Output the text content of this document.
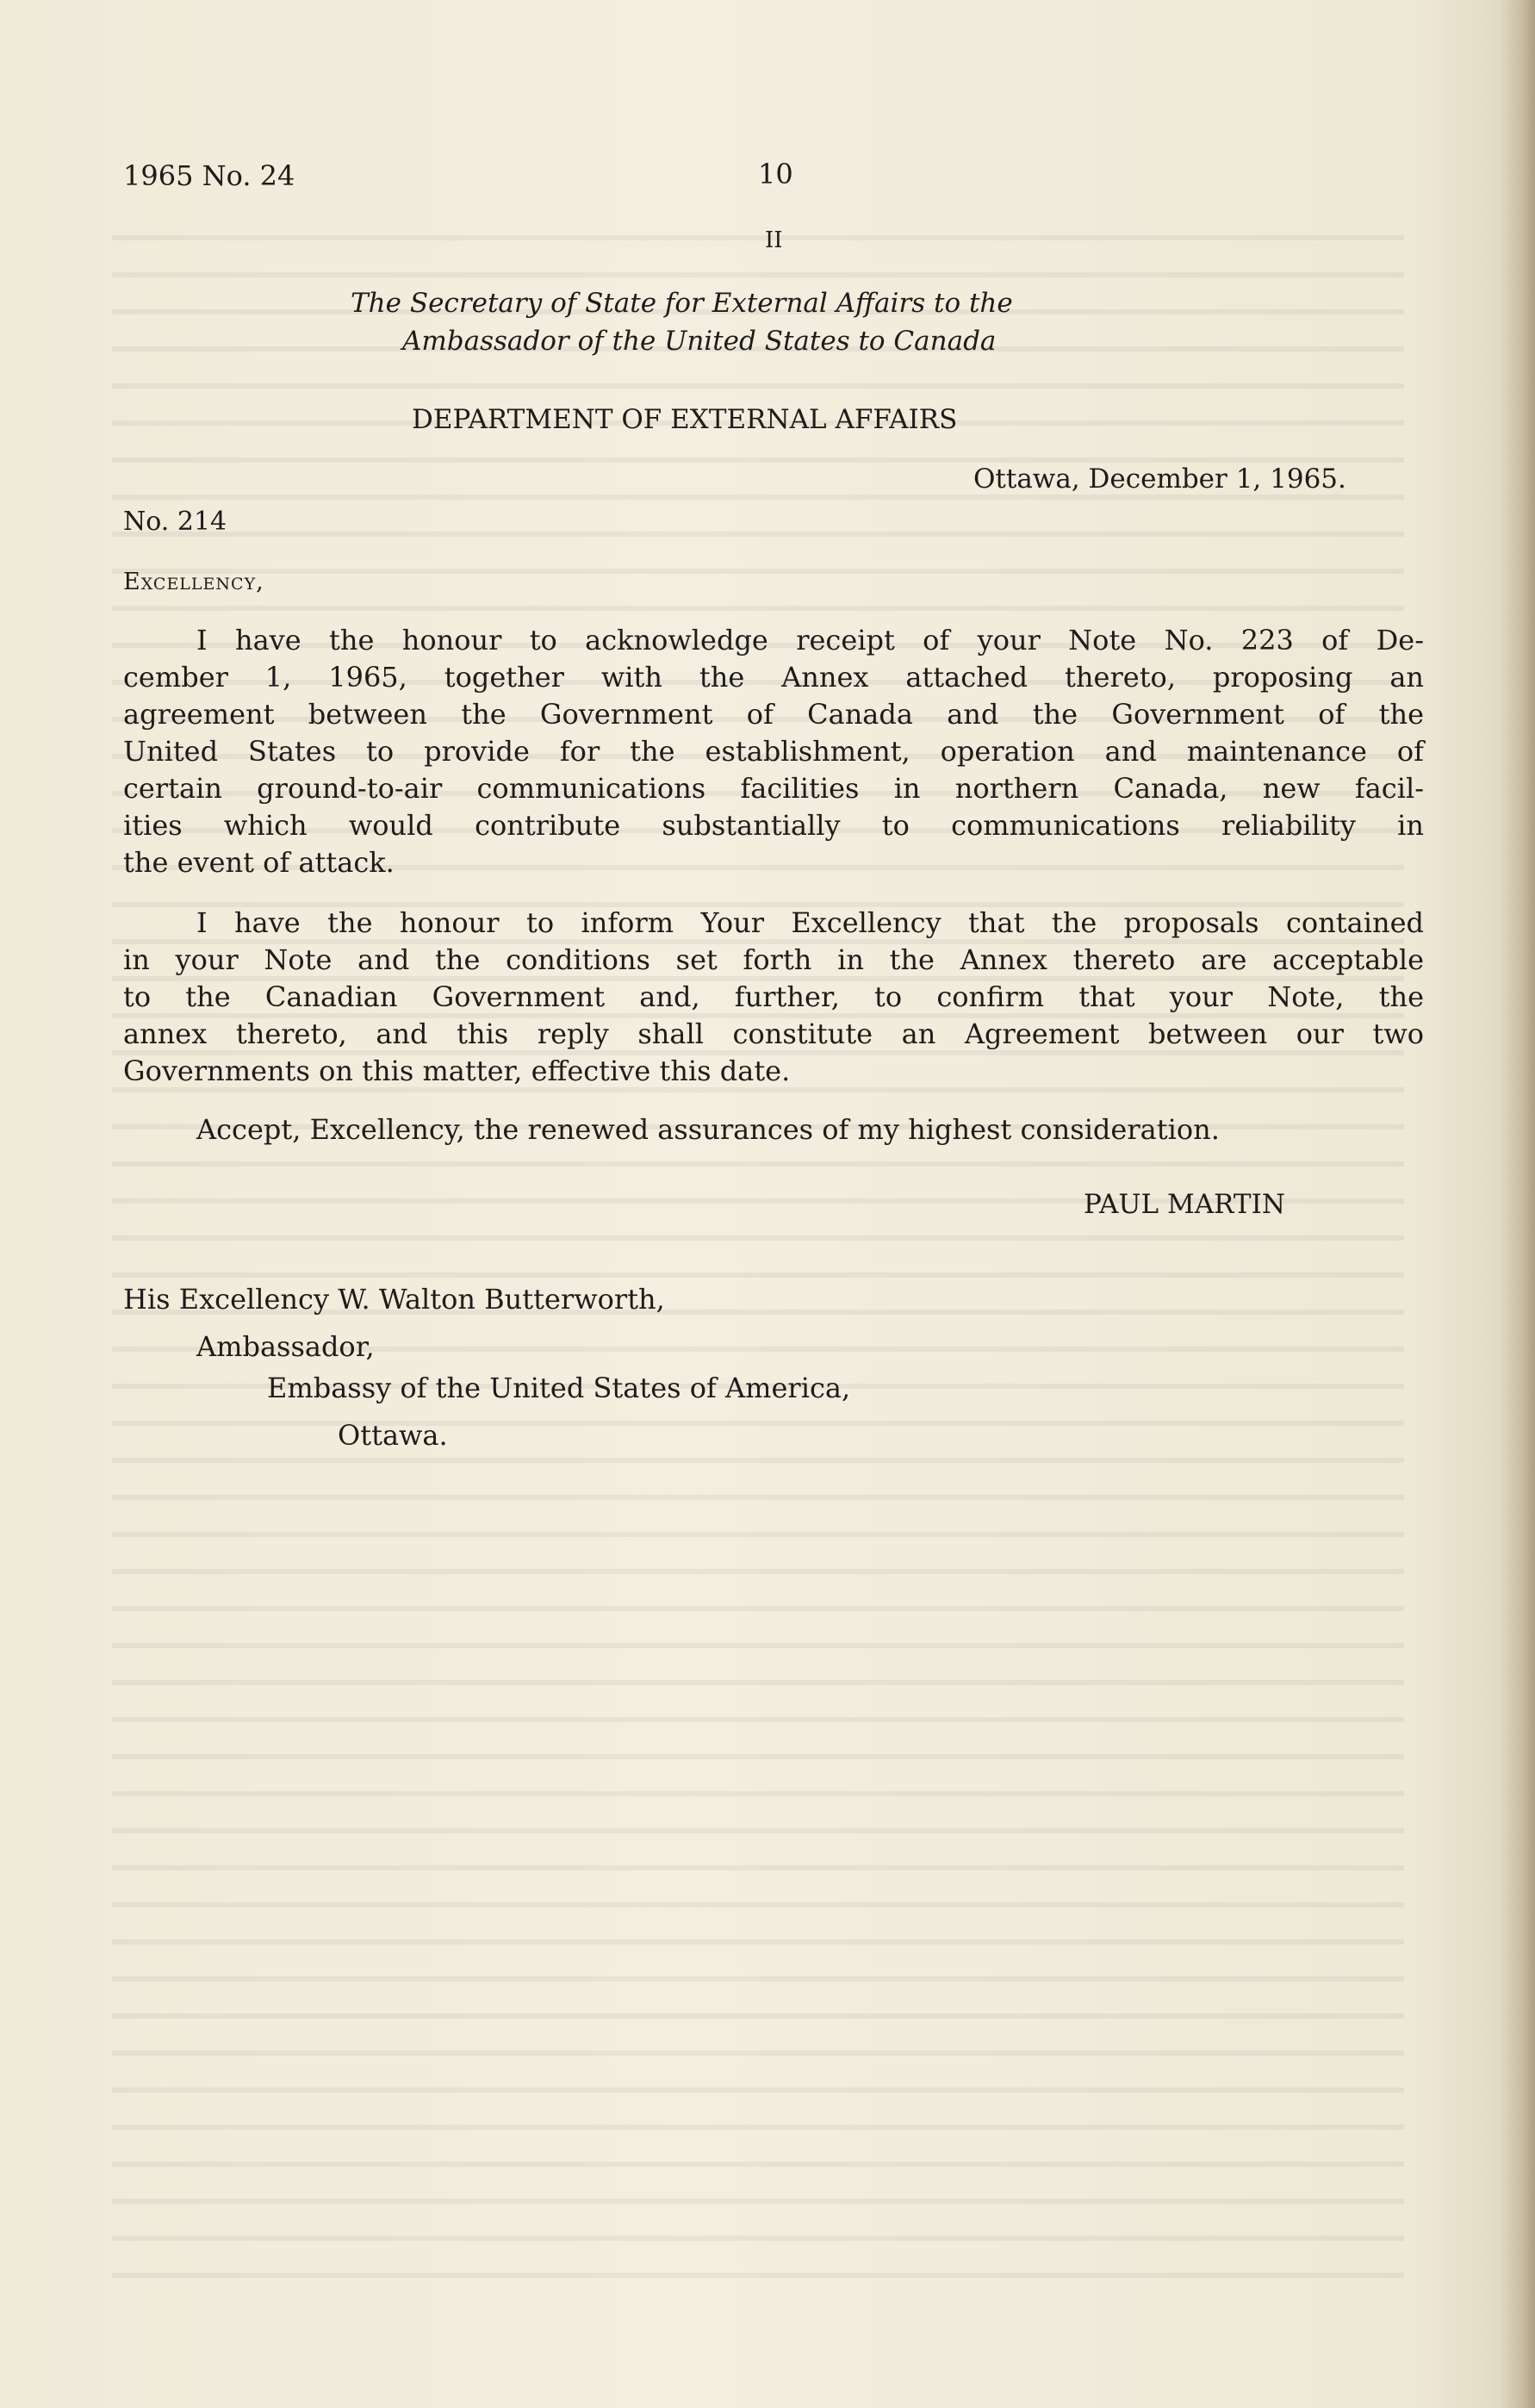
1965 No. 24	10
II
The Secretary of State for External Affairs to the
Ambassador of the United States to Canada
DEPARTMENT OF EXTERNAL AFFAIRS
Ottawa, December 1, 1965.
No. 214
Excellency,
I have the honour to acknowledge receipt of your Note No. 223 of De-
cember 1, 1965, together with the Annex attached thereto, proposing an
agreement between the Government of Canada and the Government of the
United States to provide for the establishment, operation and maintenance of
certain ground-to-air communications facilities in northern Canada, new facil-
ities which would contribute substantially to communications reliability in
the event of attack.
I have the honour to inform Your Excellency that the proposals contained
in your Note and the conditions set forth in the Annex thereto are acceptable
to the Canadian Government and, further, to confirm that your Note, the
annex thereto, and this reply shall constitute an Agreement between our two
Governments on this matter, effective this date.
Accept, Excellency, the renewed assurances of my highest consideration.
PAUL MARTIN
His Excellency W. Walton Butterworth,
Ambassador,
Embassy of the United States of America,
Ottawa.
